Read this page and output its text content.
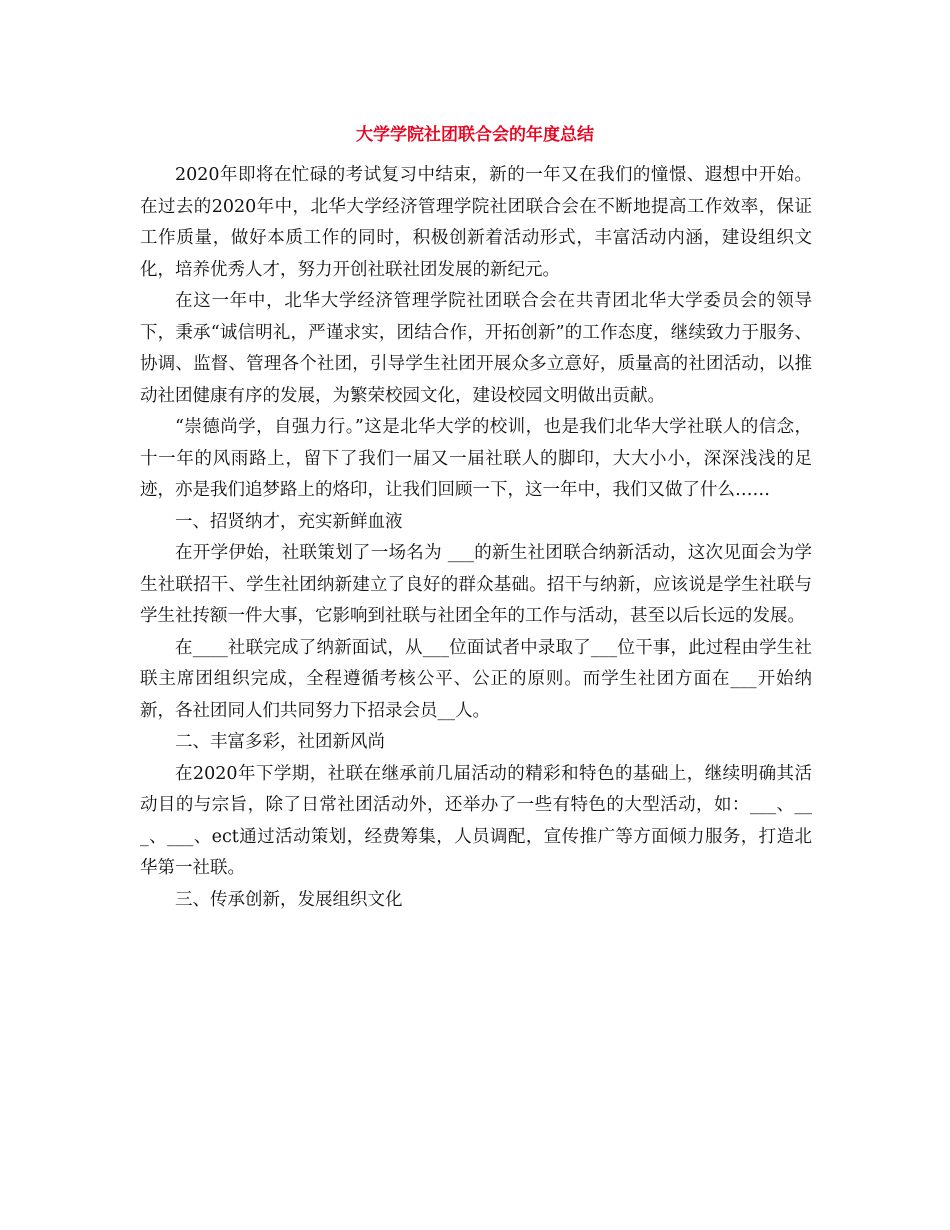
大学学院社团联合会的年度总结

2020年即将在忙碌的考试复习中结束，新的一年又在我们的憧憬、遐想中开始。在过去的2020年中，北华大学经济管理学院社团联合会在不断地提高工作效率，保证工作质量，做好本质工作的同时，积极创新着活动形式，丰富活动内涵，建设组织文化，培养优秀人才，努力开创社联社团发展的新纪元。

在这一年中，北华大学经济管理学院社团联合会在共青团北华大学委员会的领导下，秉承“诚信明礼，严谨求实，团结合作，开拓创新”的工作态度，继续致力于服务、协调、监督、管理各个社团，引导学生社团开展众多立意好，质量高的社团活动，以推动社团健康有序的发展，为繁荣校园文化，建设校园文明做出贡献。

“崇德尚学，自强力行。”这是北华大学的校训，也是我们北华大学社联人的信念，十一年的风雨路上，留下了我们一届又一届社联人的脚印，大大小小，深深浅浅的足迹，亦是我们追梦路上的烙印，让我们回顾一下，这一年中，我们又做了什么……

一、招贤纳才，充实新鲜血液

在开学伊始，社联策划了一场名为 ___的新生社团联合纳新活动，这次见面会为学生社联招干、学生社团纳新建立了良好的群众基础。招干与纳新，应该说是学生社联与学生社抟额一件大事，它影响到社联与社团全年的工作与活动，甚至以后长远的发展。

在____社联完成了纳新面试，从___位面试者中录取了___位干事，此过程由学生社联主席团组织完成，全程遵循考核公平、公正的原则。而学生社团方面在___开始纳新，各社团同人们共同努力下招录会员__人。

二、丰富多彩，社团新风尚

在2020年下学期，社联在继承前几届活动的精彩和特色的基础上，继续明确其活动目的与宗旨，除了日常社团活动外，还举办了一些有特色的大型活动，如：___、___、___、ect通过活动策划，经费筹集，人员调配，宣传推广等方面倾力服务，打造北华第一社联。

三、传承创新，发展组织文化
